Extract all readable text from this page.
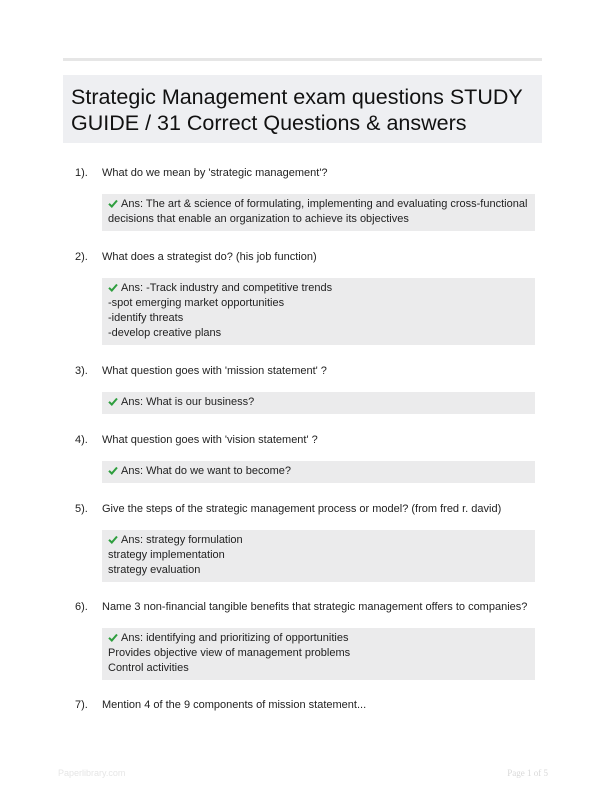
Strategic Management exam questions STUDY GUIDE / 31 Correct Questions & answers
1). What do we mean by 'strategic management'?
Ans: The art & science of formulating, implementing and evaluating cross-functional
decisions that enable an organization to achieve its objectives
2). What does a strategist do? (his job function)
Ans: -Track industry and competitive trends
-spot emerging market opportunities
-identify threats
-develop creative plans
3). What question goes with 'mission statement' ?
Ans: What is our business?
4). What question goes with 'vision statement' ?
Ans: What do we want to become?
5). Give the steps of the strategic management process or model? (from fred r. david)
Ans: strategy formulation
strategy implementation
strategy evaluation
6). Name 3 non-financial tangible benefits that strategic management offers to companies?
Ans: identifying and prioritizing of opportunities
Provides objective view of management problems
Control activities
7). Mention 4 of the 9 components of mission statement...
Paperlibrary.com	Page 1 of 5
